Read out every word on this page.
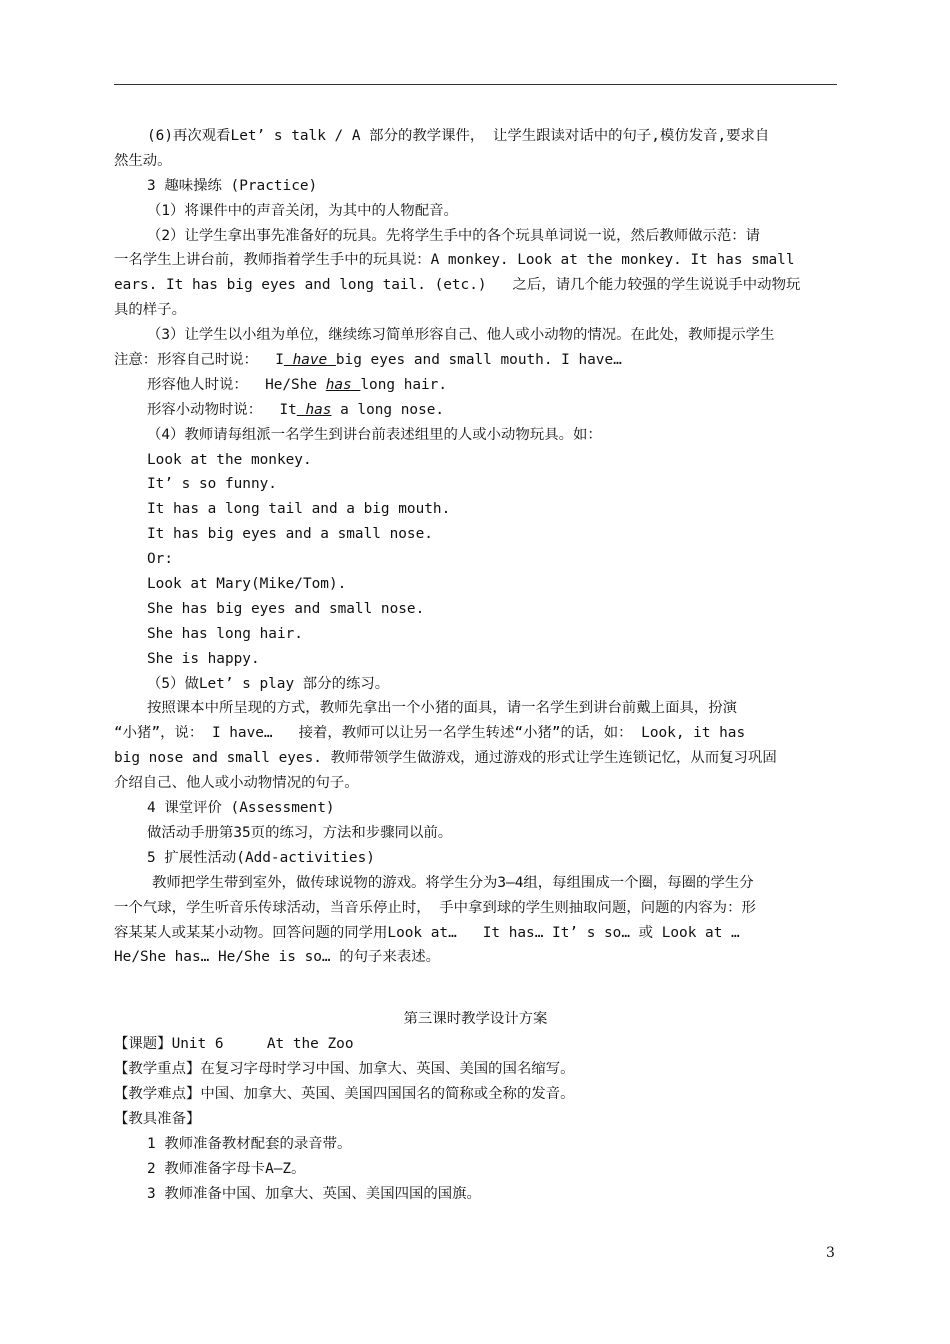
(6)再次观看Let’ s talk / A 部分的教学课件， 让学生跟读对话中的句子,模仿发音,要求自
然生动。
3 趣味操练 (Practice)
（1）将课件中的声音关闭，为其中的人物配音。
（2）让学生拿出事先准备好的玩具。先将学生手中的各个玩具单词说一说，然后教师做示范：请
一名学生上讲台前，教师指着学生手中的玩具说：A monkey. Look at the monkey. It has small
ears. It has big eyes and long tail. (etc.)   之后，请几个能力较强的学生说说手中动物玩
具的样子。
（3）让学生以小组为单位，继续练习简单形容自己、他人或小动物的情况。在此处，教师提示学生
注意：形容自己时说：  I have big eyes and small mouth. I have…
形容他人时说：  He/She has long hair.
形容小动物时说：  It has a long nose.
（4）教师请每组派一名学生到讲台前表述组里的人或小动物玩具。如：
Look at the monkey.
It’ s so funny.
It has a long tail and a big mouth.
It has big eyes and a small nose.
Or:
Look at Mary(Mike/Tom).
She has big eyes and small nose.
She has long hair.
She is happy.
（5）做Let’ s play 部分的练习。
按照课本中所呈现的方式，教师先拿出一个小猪的面具，请一名学生到讲台前戴上面具，扮演
“小猪”，说： I have…   接着，教师可以让另一名学生转述“小猪”的话，如： Look, it has
big nose and small eyes. 教师带领学生做游戏，通过游戏的形式让学生连锁记忆，从而复习巩固
介绍自己、他人或小动物情况的句子。
4 课堂评价 (Assessment)
做活动手册第35页的练习，方法和步骤同以前。
5 扩展性活动(Add-activities)
教师把学生带到室外，做传球说物的游戏。将学生分为3—4组，每组围成一个圈，每圈的学生分
一个气球，学生听音乐传球活动，当音乐停止时， 手中拿到球的学生则抽取问题，问题的内容为：形
容某某人或某某小动物。回答问题的同学用Look at…   It has… It’ s so… 或 Look at …
He/She has… He/She is so… 的句子来表述。
第三课时教学设计方案
【课题】Unit 6     At the Zoo
【教学重点】在复习字母时学习中国、加拿大、英国、美国的国名缩写。
【教学难点】中国、加拿大、英国、美国四国国名的简称或全称的发音。
【教具准备】
1 教师准备教材配套的录音带。
2 教师准备字母卡A—Z。
3 教师准备中国、加拿大、英国、美国四国的国旗。
3
